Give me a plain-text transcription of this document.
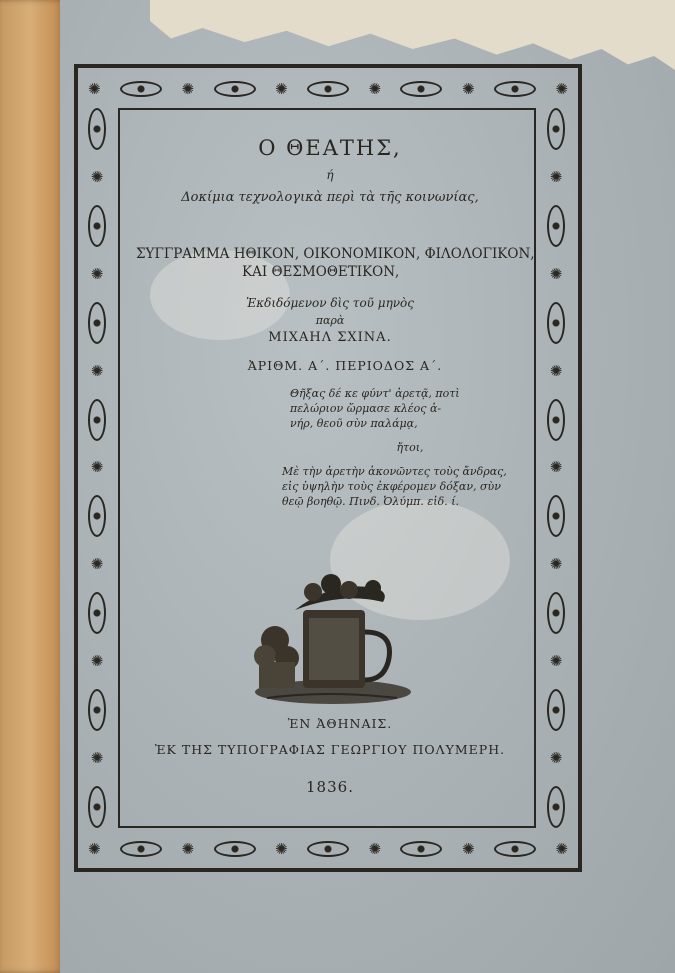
✺	✺	✺	✺	✺	✺
✺	✺	✺	✺	✺	✺
✺
✺
✺
✺
✺
✺
✺
✺
✺
✺
✺
✺
✺
✺
Ο ΘΕΑΤΗΣ,
ή
Δοκίμια τεχνολογικὰ περὶ τὰ τῆς κοινωνίας,
ΣΥΓΓΡΑΜΜΑ ΗΘΙΚΟΝ, ΟΙΚΟΝΟΜΙΚΟΝ, ΦΙΛΟΛΟΓΙΚΟΝ,
ΚΑΙ ΘΕΣΜΟΘΕΤΙΚΟΝ,
Ἐκδιδόμενον δὶς τοῦ μηνὸς
παρὰ
ΜΙΧΑΗΛ ΣΧΙΝΑ.
ἈΡΙΘΜ. Α΄. ΠΕΡΙΟΔΟΣ Α΄.
Θῆξας δέ κε φύντ' ἀρετᾷ, ποτὶ
πελώριον ὥρμασε κλέος ἀ-
νήρ, θεοῦ σὺν παλάμᾳ,
ἤτοι,
Μὲ τὴν ἀρετὴν ἀκονῶντες τοὺς ἄνδρας,
εἰς ὑψηλὴν τοὺς ἐκφέρομεν δόξαν, σὺν
θεῷ βοηθῷ. Πινδ. Ὀλύμπ. εἰδ. ί.
ἘΝ ἈΘΗΝΑΙΣ.
ἘΚ ΤΗΣ ΤΥΠΟΓΡΑΦΙΑΣ ΓΕΩΡΓΙΟΥ ΠΟΛΥΜΕΡΗ.
1836.
